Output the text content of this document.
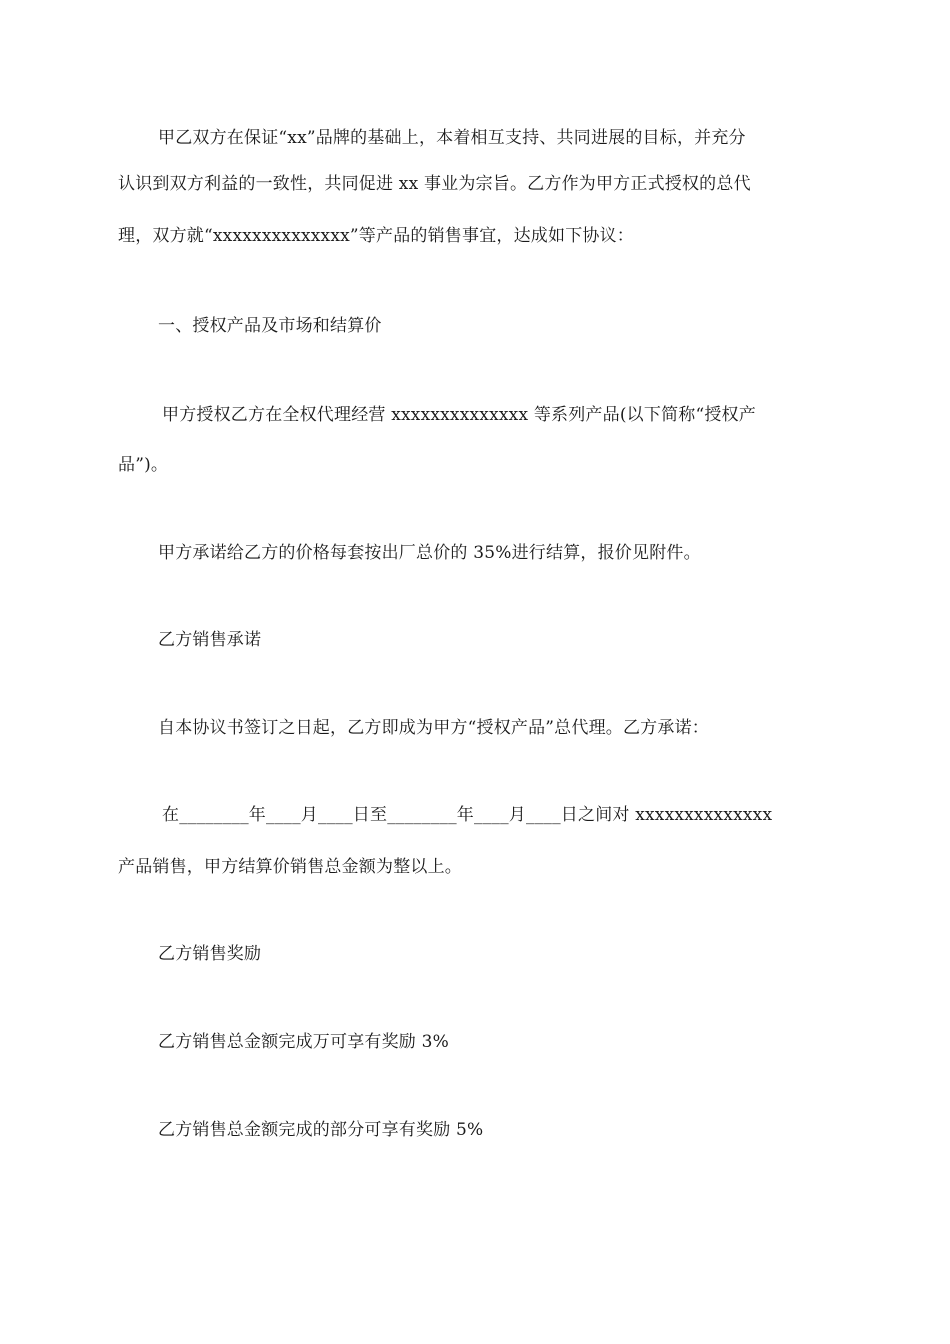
甲乙双方在保证“xx”品牌的基础上，本着相互支持、共同进展的目标，并充分
认识到双方利益的一致性，共同促进 xx 事业为宗旨。乙方作为甲方正式授权的总代
理，双方就“xxxxxxxxxxxxxx”等产品的销售事宜，达成如下协议：
一、授权产品及市场和结算价
甲方授权乙方在全权代理经营 xxxxxxxxxxxxxx 等系列产品(以下简称“授权产
品”)。
甲方承诺给乙方的价格每套按出厂总价的 35%进行结算，报价见附件。
乙方销售承诺
自本协议书签订之日起，乙方即成为甲方“授权产品”总代理。乙方承诺：
在________年____月____日至________年____月____日之间对 xxxxxxxxxxxxxx
产品销售，甲方结算价销售总金额为整以上。
乙方销售奖励
乙方销售总金额完成万可享有奖励 3%
乙方销售总金额完成的部分可享有奖励 5%
